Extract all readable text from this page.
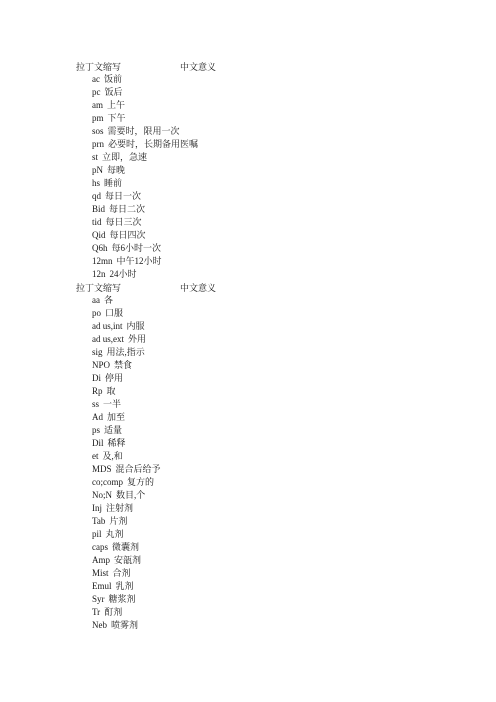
拉丁文缩写	中文意义
ac 饭前
pc 饭后
am 上午
pm 下午
sos 需要时，限用一次
prn 必要时，长期备用医嘱
st 立即，急速
pN 每晚
hs 睡前
qd 每日一次
Bid 每日二次
tid 每日三次
Qid 每日四次
Q6h 每6小时一次
12mn 中午12小时
12n 24小时
拉丁文缩写	中文意义
aa 各
po 口服
ad us,int 内服
ad us,ext 外用
sig 用法,指示
NPO 禁食
Di 停用
Rp 取
ss 一半
Ad 加至
ps 适量
Dil 稀释
et 及,和
MDS 混合后给予
co;comp 复方的
No;N 数目,个
Inj 注射剂
Tab 片剂
pil 丸剂
caps 微囊剂
Amp 安瓿剂
Mist 合剂
Emul 乳剂
Syr 糖浆剂
Tr 酊剂
Neb 喷雾剂
